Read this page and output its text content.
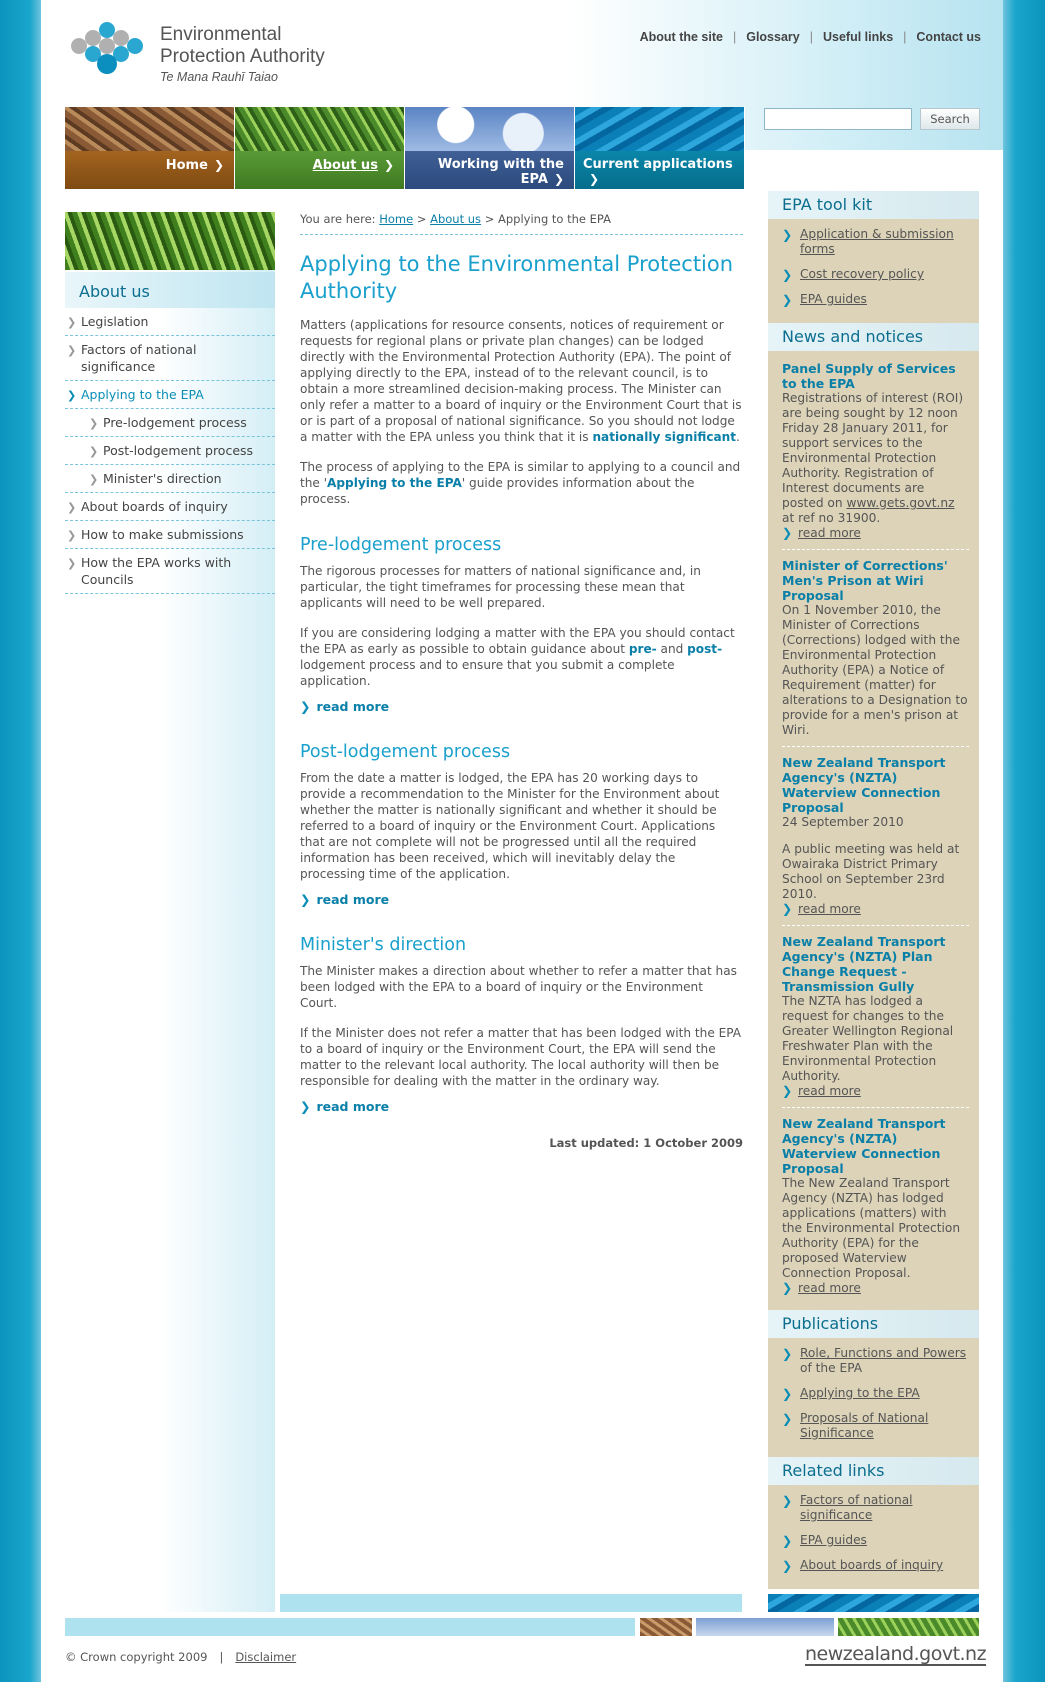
Environmental
Protection Authority
Te Mana Rauhī Taiao
About the site | Glossary | Useful links | Contact us
Search
Home ❯	About us ❯	Working with the EPA ❯
Current applications❯
About us
❯ Legislation
❯ Factors of national significance
❯ Applying to the EPA
❯ Pre-lodgement process
❯ Post-lodgement process
❯ Minister's direction
❯ About boards of inquiry
❯ How to make submissions
❯ How the EPA works with Councils
You are here: Home > About us > Applying to the EPA
Applying to the Environmental Protection Authority

Matters (applications for resource consents, notices of requirement or requests for regional plans or private plan changes) can be lodged directly with the Environmental Protection Authority (EPA). The point of applying directly to the EPA, instead of to the relevant council, is to obtain a more streamlined decision-making process. The Minister can only refer a matter to a board of inquiry or the Environment Court that is or is part of a proposal of national significance. So you should not lodge a matter with the EPA unless you think that it is nationally significant.

The process of applying to the EPA is similar to applying to a council and the 'Applying to the EPA' guide provides information about the process.

Pre-lodgement process

The rigorous processes for matters of national significance and, in particular, the tight timeframes for processing these mean that applicants will need to be well prepared.

If you are considering lodging a matter with the EPA you should contact the EPA as early as possible to obtain guidance about pre- and post-
lodgement process and to ensure that you submit a complete application.

❯ read more
Post-lodgement process

From the date a matter is lodged, the EPA has 20 working days to provide a recommendation to the Minister for the Environment about whether the matter is nationally significant and whether it should be referred to a board of inquiry or the Environment Court. Applications that are not complete will not be progressed until all the required information has been received, which will inevitably delay the processing time of the application.

❯ read more
Minister's direction

The Minister makes a direction about whether to refer a matter that has been lodged with the EPA to a board of inquiry or the Environment Court.

If the Minister does not refer a matter that has been lodged with the EPA to a board of inquiry or the Environment Court, the EPA will send the matter to the relevant local authority. The local authority will then be responsible for dealing with the matter in the ordinary way.

❯ read more
Last updated: 1 October 2009
EPA tool kit
❯ Application & submission forms
❯ Cost recovery policy
❯ EPA guides
News and notices
Panel Supply of Services to the EPA
Registrations of interest (ROI) are being sought by 12 noon Friday 28 January 2011, for support services to the Environmental Protection Authority. Registration of Interest documents are posted on www.gets.govt.nz at ref no 31900.
❯ read more
Minister of Corrections' Men's Prison at Wiri Proposal
On 1 November 2010, the Minister of Corrections (Corrections) lodged with the Environmental Protection Authority (EPA) a Notice of Requirement (matter) for alterations to a Designation to provide for a men's prison at Wiri.
New Zealand Transport Agency's (NZTA) Waterview Connection Proposal
24 September 2010
A public meeting was held at Owairaka District Primary School on September 23rd 2010.
❯ read more
New Zealand Transport Agency's (NZTA) Plan Change Request - Transmission Gully
The NZTA has lodged a request for changes to the Greater Wellington Regional Freshwater Plan with the Environmental Protection Authority.
❯ read more
New Zealand Transport Agency's (NZTA) Waterview Connection Proposal
The New Zealand Transport Agency (NZTA) has lodged applications (matters) with the Environmental Protection Authority (EPA) for the proposed Waterview Connection Proposal.
❯ read more
Publications
❯ Role, Functions and Powers of the EPA
❯ Applying to the EPA
❯ Proposals of National Significance
Related links
❯ Factors of national significance
❯ EPA guides
❯ About boards of inquiry
© Crown copyright 2009 | Disclaimer	newzealand.govt.nz
